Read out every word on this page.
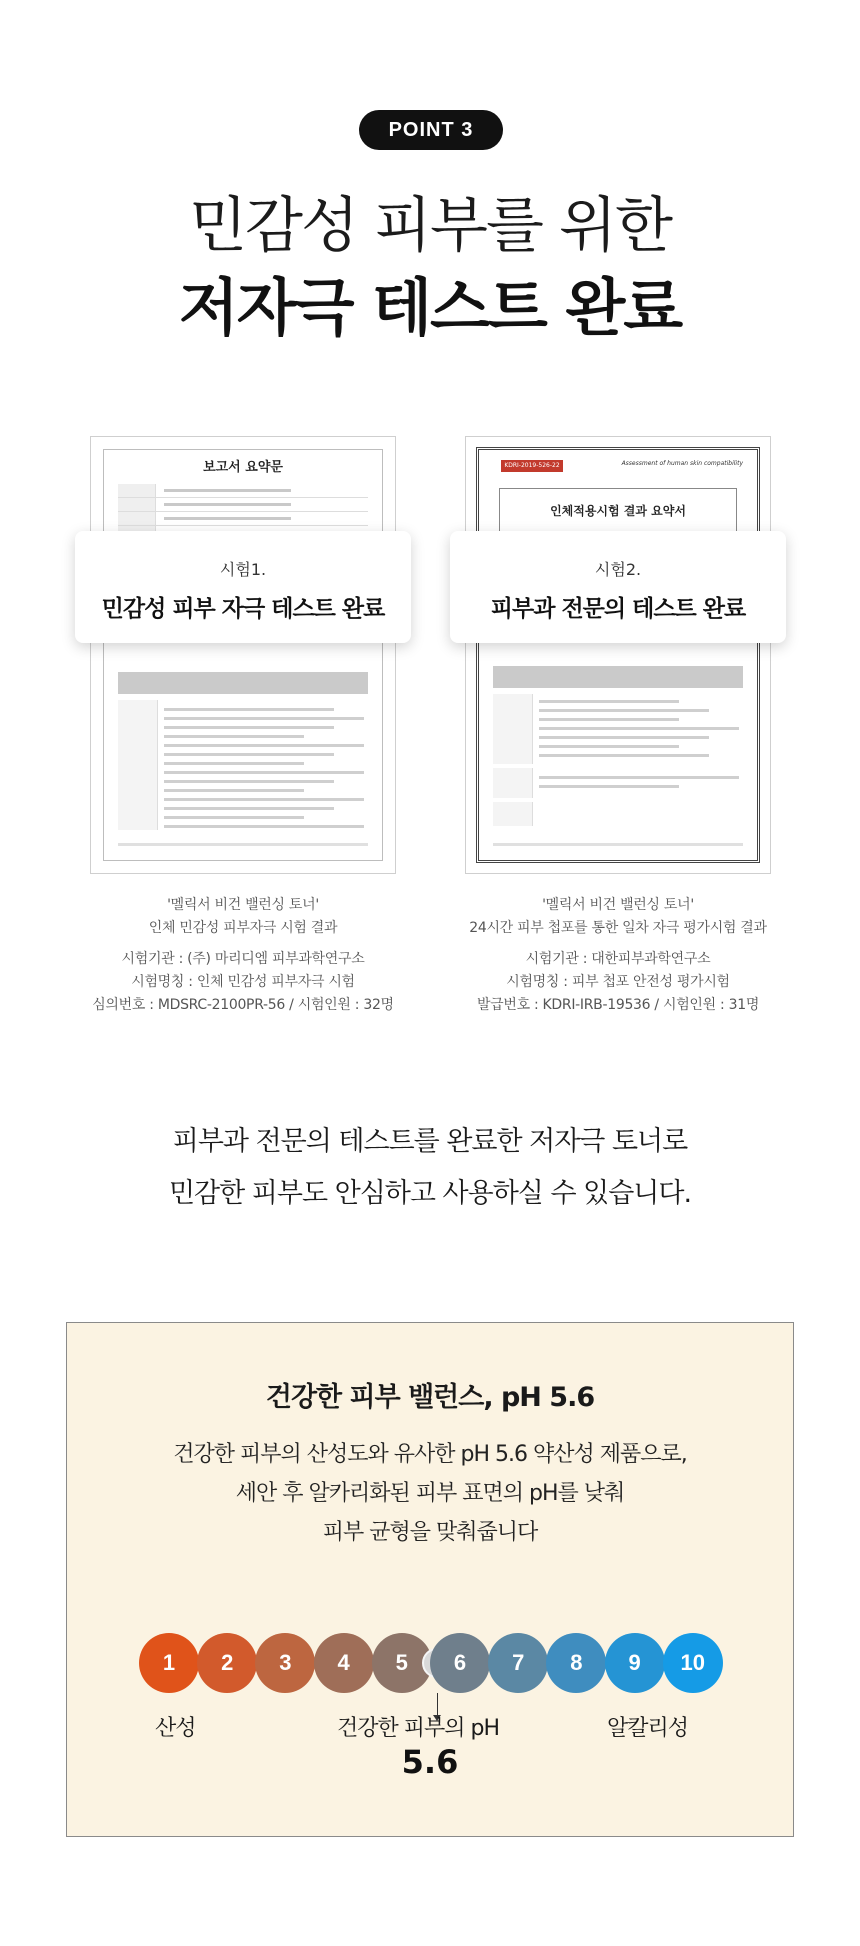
POINT 3
민감성 피부를 위한
저자극 테스트 완료
보고서 요약문	KDRI-2019-526-22	Assessment of human skin compatibility
인체적용시험 결과 요약서
시험1.
민감성 피부 자극 테스트 완료
시험2.
피부과 전문의 테스트 완료
'멜릭서 비건 밸런싱 토너'
인체 민감성 피부자극 시험 결과
시험기관 : (주) 마리디엠 피부과학연구소
시험명칭 : 인체 민감성 피부자극 시험
심의번호 : MDSRC-2100PR-56 / 시험인원 : 32명
'멜릭서 비건 밸런싱 토너'
24시간 피부 첩포를 통한 일차 자극 평가시험 결과
시험기관 : 대한피부과학연구소
시험명칭 : 피부 첩포 안전성 평가시험
발급번호 : KDRI-IRB-19536 / 시험인원 : 31명
피부과 전문의 테스트를 완료한 저자극 토너로
민감한 피부도 안심하고 사용하실 수 있습니다.
건강한 피부 밸런스, pH 5.6
건강한 피부의 산성도와 유사한 pH 5.6 약산성 제품으로,
세안 후 알카리화된 피부 표면의 pH를 낮춰
피부 균형을 맞춰줍니다
1	2	3	4	5	6	7	8	9	10
산성	건강한 피부의 pH	알칼리성
5.6
